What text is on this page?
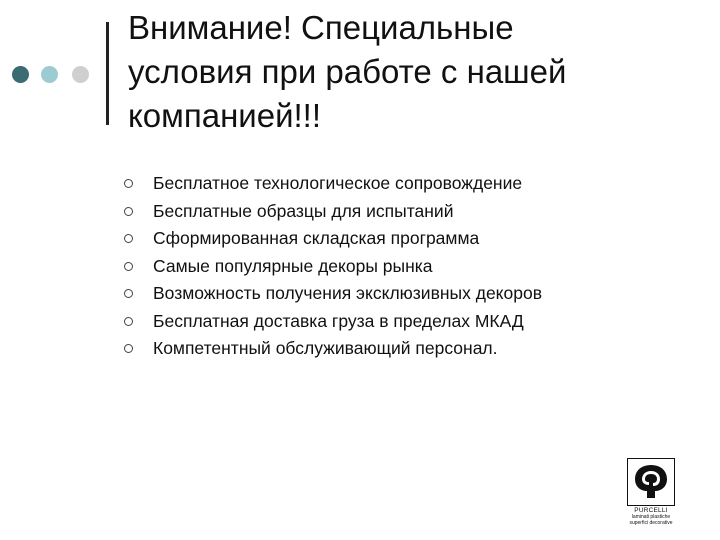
Внимание! Специальные
условия при работе с нашей
компанией!!!
Бесплатное технологическое сопровождение
Бесплатные образцы для испытаний
Сформированная складская программа
Самые популярные декоры рынка
Возможность получения эксклюзивных декоров
Бесплатная доставка груза в пределах МКАД
Компетентный обслуживающий персонал.
PURCELLI
laminati plastiche
superfici decorative
